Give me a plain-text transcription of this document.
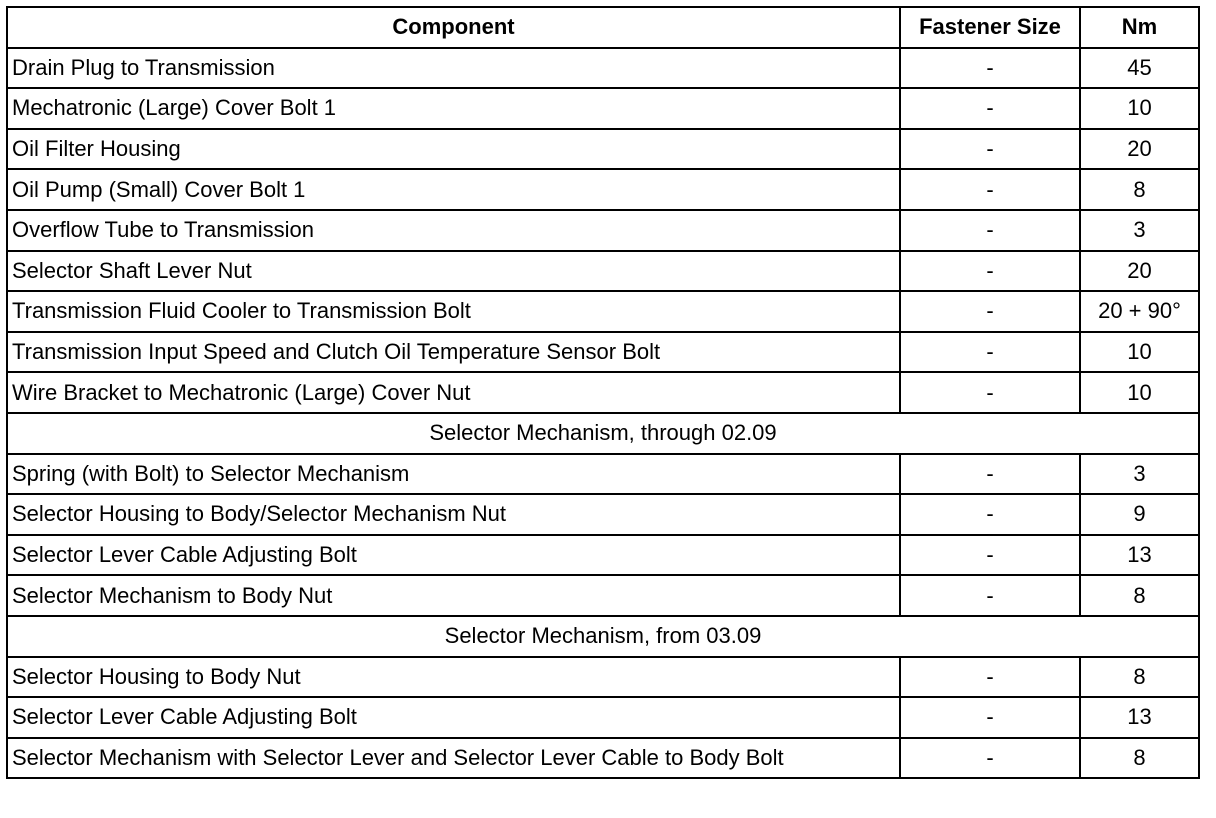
Component	Fastener Size	Nm
Drain Plug to Transmission	-	45
Mechatronic (Large) Cover Bolt 1	-	10
Oil Filter Housing	-	20
Oil Pump (Small) Cover Bolt 1	-	8
Overflow Tube to Transmission	-	3
Selector Shaft Lever Nut	-	20
Transmission Fluid Cooler to Transmission Bolt	-	20 + 90°
Transmission Input Speed and Clutch Oil Temperature Sensor Bolt	-	10
Wire Bracket to Mechatronic (Large) Cover Nut	-	10
Selector Mechanism, through 02.09		
Spring (with Bolt) to Selector Mechanism	-	3
Selector Housing to Body/Selector Mechanism Nut	-	9
Selector Lever Cable Adjusting Bolt	-	13
Selector Mechanism to Body Nut	-	8
Selector Mechanism, from 03.09		
Selector Housing to Body Nut	-	8
Selector Lever Cable Adjusting Bolt	-	13
Selector Mechanism with Selector Lever and Selector Lever Cable to Body Bolt	-	8
